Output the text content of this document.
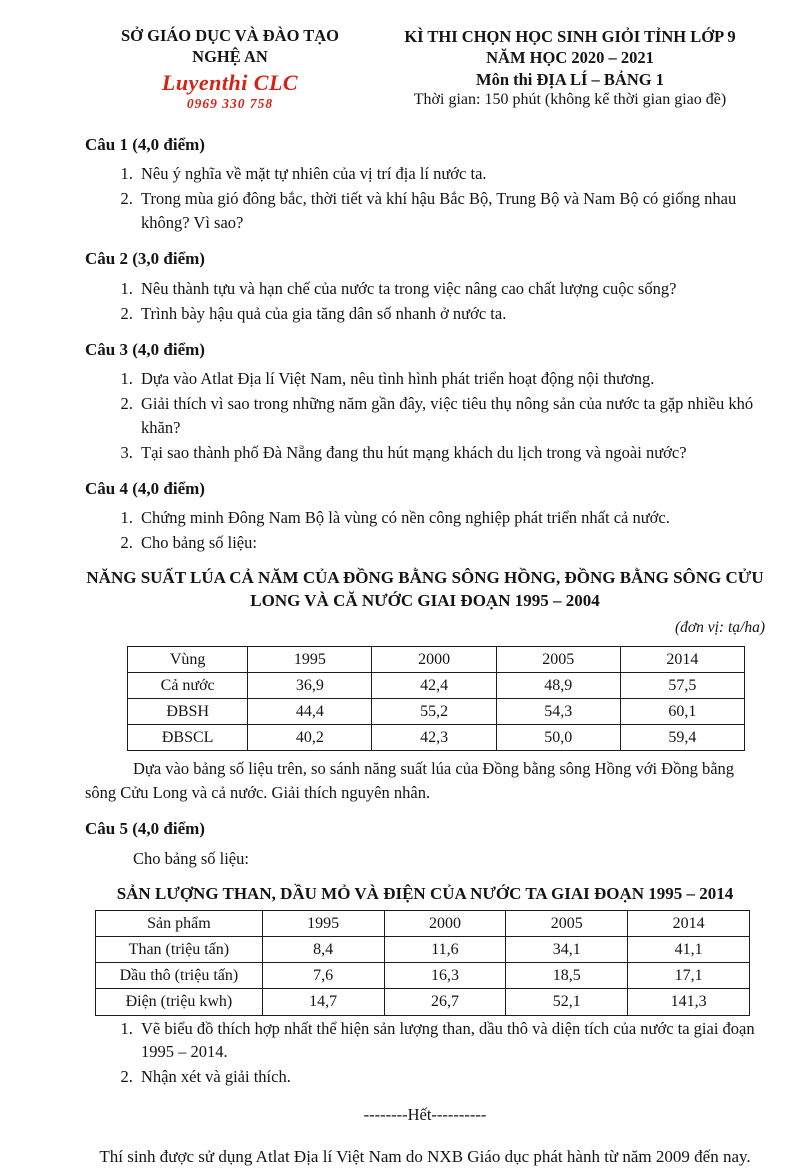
SỞ GIÁO DỤC VÀ ĐÀO TẠO
NGHỆ AN
Luyenthi CLC
0969 330 758
KÌ THI CHỌN HỌC SINH GIỎI TỈNH LỚP 9
NĂM HỌC 2020 – 2021
Môn thi ĐỊA LÍ – BẢNG 1
Thời gian: 150 phút (không kể thời gian giao đề)
Câu 1 (4,0 điểm)
1. Nêu ý nghĩa về mặt tự nhiên của vị trí địa lí nước ta.
2. Trong mùa gió đông bắc, thời tiết và khí hậu Bắc Bộ, Trung Bộ và Nam Bộ có giống nhau không? Vì sao?
Câu 2 (3,0 điểm)
1. Nêu thành tựu và hạn chế của nước ta trong việc nâng cao chất lượng cuộc sống?
2. Trình bày hậu quả của gia tăng dân số nhanh ở nước ta.
Câu 3 (4,0 điểm)
1. Dựa vào Atlat Địa lí Việt Nam, nêu tình hình phát triển hoạt động nội thương.
2. Giải thích vì sao trong những năm gần đây, việc tiêu thụ nông sản của nước ta gặp nhiều khó khăn?
3. Tại sao thành phố Đà Nẵng đang thu hút mạng khách du lịch trong và ngoài nước?
Câu 4 (4,0 điểm)
1. Chứng minh Đông Nam Bộ là vùng có nền công nghiệp phát triển nhất cả nước.
2. Cho bảng số liệu:
NĂNG SUẤT LÚA CẢ NĂM CỦA ĐỒNG BẰNG SÔNG HỒNG, ĐỒNG BẰNG SÔNG CỬU LONG VÀ CĂ NƯỚC GIAI ĐOẠN 1995 – 2004
(đơn vị: tạ/ha)
Vùng	1995	2000	2005	2014
Cả nước	36,9	42,4	48,9	57,5
ĐBSH	44,4	55,2	54,3	60,1
ĐBSCL	40,2	42,3	50,0	59,4
Dựa vào bảng số liệu trên, so sánh năng suất lúa của Đồng bằng sông Hồng với Đồng bằng sông Cửu Long và cả nước. Giải thích nguyên nhân.
Câu 5 (4,0 điểm)
Cho bảng số liệu:
SẢN LƯỢNG THAN, DẦU MỎ VÀ ĐIỆN CỦA NƯỚC TA GIAI ĐOẠN 1995 – 2014
Sản phẩm	1995	2000	2005	2014
Than (triệu tấn)	8,4	11,6	34,1	41,1
Dầu thô (triệu tấn)	7,6	16,3	18,5	17,1
Điện (triệu kwh)	14,7	26,7	52,1	141,3
1. Vẽ biểu đồ thích hợp nhất thể hiện sản lượng than, dầu thô và diện tích của nước ta giai đoạn 1995 – 2014.
2. Nhận xét và giải thích.
--------Hết----------
Thí sinh được sử dụng Atlat Địa lí Việt Nam do NXB Giáo dục phát hành từ năm 2009 đến nay.
